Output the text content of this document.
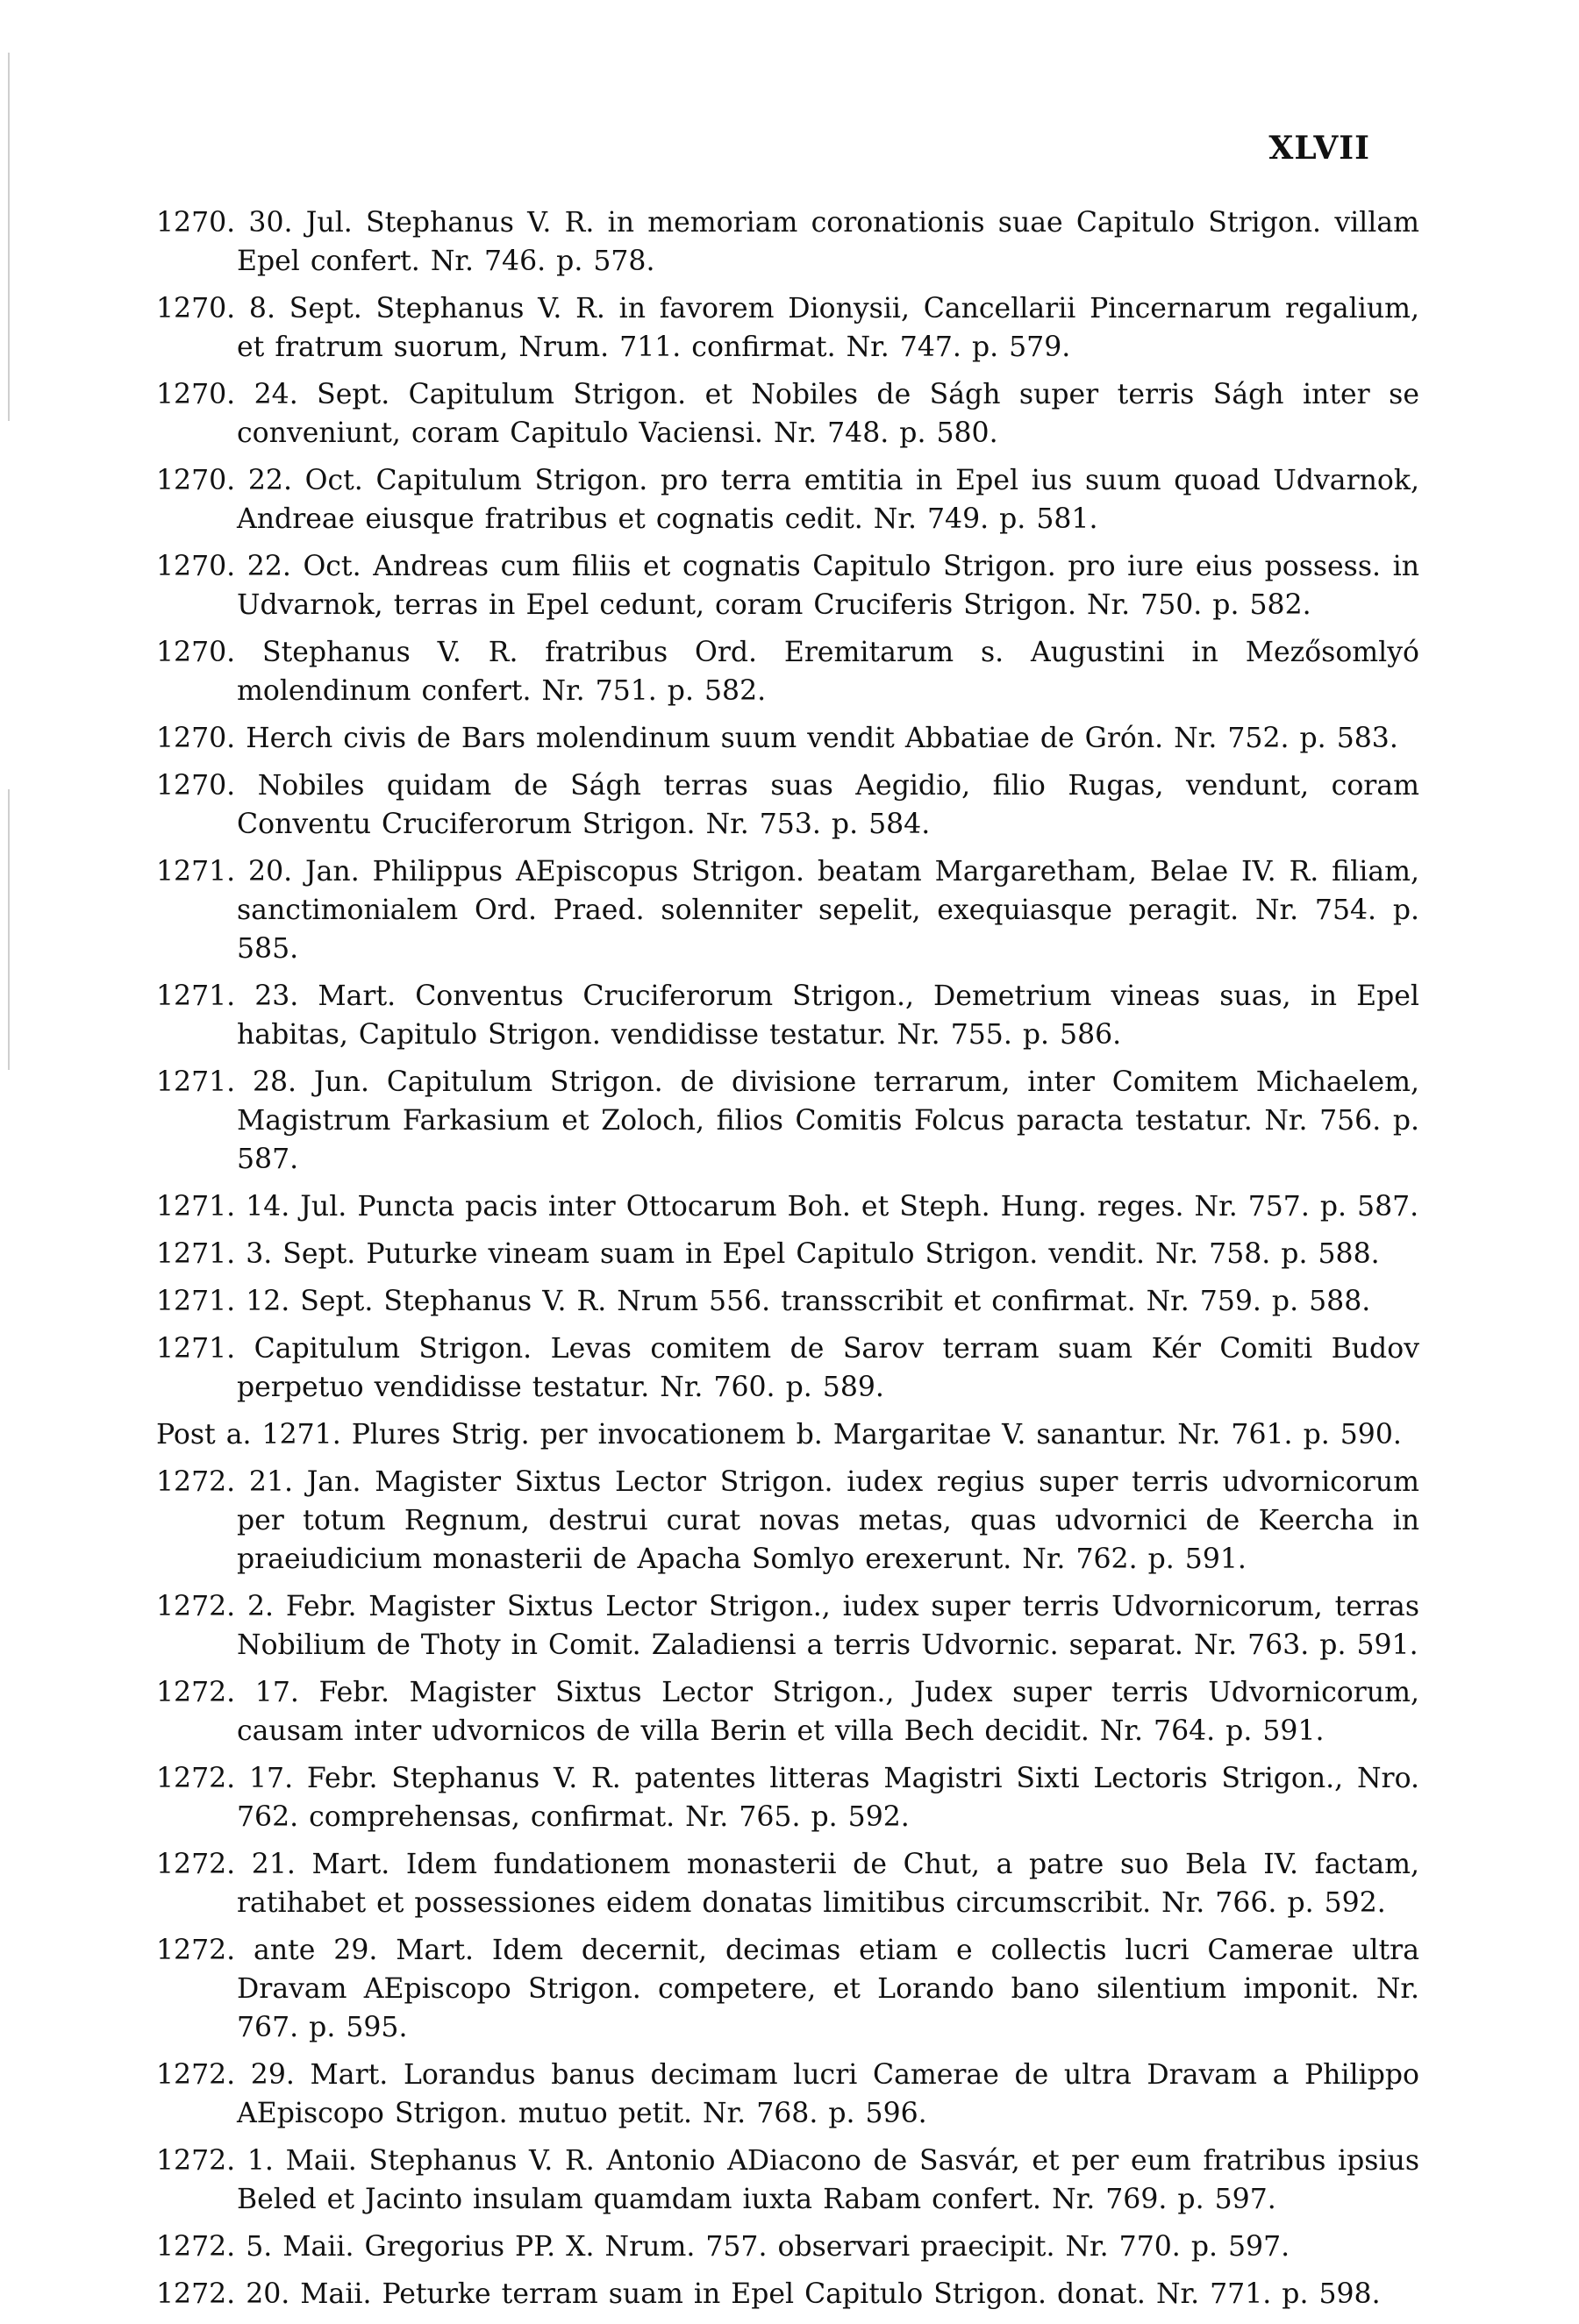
XLVII
1270. 30. Jul. Stephanus V. R. in memoriam coronationis suae Capitulo Strigon. villam Epel confert. Nr. 746. p. 578.
1270. 8. Sept. Stephanus V. R. in favorem Dionysii, Cancellarii Pincernarum regalium, et fratrum suorum, Nrum. 711. confirmat. Nr. 747. p. 579.
1270. 24. Sept. Capitulum Strigon. et Nobiles de Ságh super terris Ságh inter se conveniunt, coram Capitulo Vaciensi. Nr. 748. p. 580.
1270. 22. Oct. Capitulum Strigon. pro terra emtitia in Epel ius suum quoad Udvarnok, Andreae eiusque fratribus et cognatis cedit. Nr. 749. p. 581.
1270. 22. Oct. Andreas cum filiis et cognatis Capitulo Strigon. pro iure eius possess. in Udvarnok, terras in Epel cedunt, coram Cruciferis Strigon. Nr. 750. p. 582.
1270. Stephanus V. R. fratribus Ord. Eremitarum s. Augustini in Mezősomlyó molendinum confert. Nr. 751. p. 582.
1270. Herch civis de Bars molendinum suum vendit Abbatiae de Grón. Nr. 752. p. 583.
1270. Nobiles quidam de Ságh terras suas Aegidio, filio Rugas, vendunt, coram Conventu Cruciferorum Strigon. Nr. 753. p. 584.
1271. 20. Jan. Philippus AEpiscopus Strigon. beatam Margaretham, Belae IV. R. filiam, sanctimonialem Ord. Praed. solenniter sepelit, exequiasque peragit. Nr. 754. p. 585.
1271. 23. Mart. Conventus Cruciferorum Strigon., Demetrium vineas suas, in Epel habitas, Capitulo Strigon. vendidisse testatur. Nr. 755. p. 586.
1271. 28. Jun. Capitulum Strigon. de divisione terrarum, inter Comitem Michaelem, Magistrum Farkasium et Zoloch, filios Comitis Folcus paracta testatur. Nr. 756. p. 587.
1271. 14. Jul. Puncta pacis inter Ottocarum Boh. et Steph. Hung. reges. Nr. 757. p. 587.
1271. 3. Sept. Puturke vineam suam in Epel Capitulo Strigon. vendit. Nr. 758. p. 588.
1271. 12. Sept. Stephanus V. R. Nrum 556. transscribit et confirmat. Nr. 759. p. 588.
1271. Capitulum Strigon. Levas comitem de Sarov terram suam Kér Comiti Budov perpetuo vendidisse testatur. Nr. 760. p. 589.
Post a. 1271. Plures Strig. per invocationem b. Margaritae V. sanantur. Nr. 761. p. 590.
1272. 21. Jan. Magister Sixtus Lector Strigon. iudex regius super terris udvornicorum per totum Regnum, destrui curat novas metas, quas udvornici de Keercha in praeiudicium monasterii de Apacha Somlyo erexerunt. Nr. 762. p. 591.
1272. 2. Febr. Magister Sixtus Lector Strigon., iudex super terris Udvornicorum, terras Nobilium de Thoty in Comit. Zaladiensi a terris Udvornic. separat. Nr. 763. p. 591.
1272. 17. Febr. Magister Sixtus Lector Strigon., Judex super terris Udvornicorum, causam inter udvornicos de villa Berin et villa Bech decidit. Nr. 764. p. 591.
1272. 17. Febr. Stephanus V. R. patentes litteras Magistri Sixti Lectoris Strigon., Nro. 762. comprehensas, confirmat. Nr. 765. p. 592.
1272. 21. Mart. Idem fundationem monasterii de Chut, a patre suo Bela IV. factam, ratihabet et possessiones eidem donatas limitibus circumscribit. Nr. 766. p. 592.
1272. ante 29. Mart. Idem decernit, decimas etiam e collectis lucri Camerae ultra Dravam AEpiscopo Strigon. competere, et Lorando bano silentium imponit. Nr. 767. p. 595.
1272. 29. Mart. Lorandus banus decimam lucri Camerae de ultra Dravam a Philippo AEpiscopo Strigon. mutuo petit. Nr. 768. p. 596.
1272. 1. Maii. Stephanus V. R. Antonio ADiacono de Sasvár, et per eum fratribus ipsius Beled et Jacinto insulam quamdam iuxta Rabam confert. Nr. 769. p. 597.
1272. 5. Maii. Gregorius PP. X. Nrum. 757. observari praecipit. Nr. 770. p. 597.
1272. 20. Maii. Peturke terram suam in Epel Capitulo Strigon. donat. Nr. 771. p. 598.
